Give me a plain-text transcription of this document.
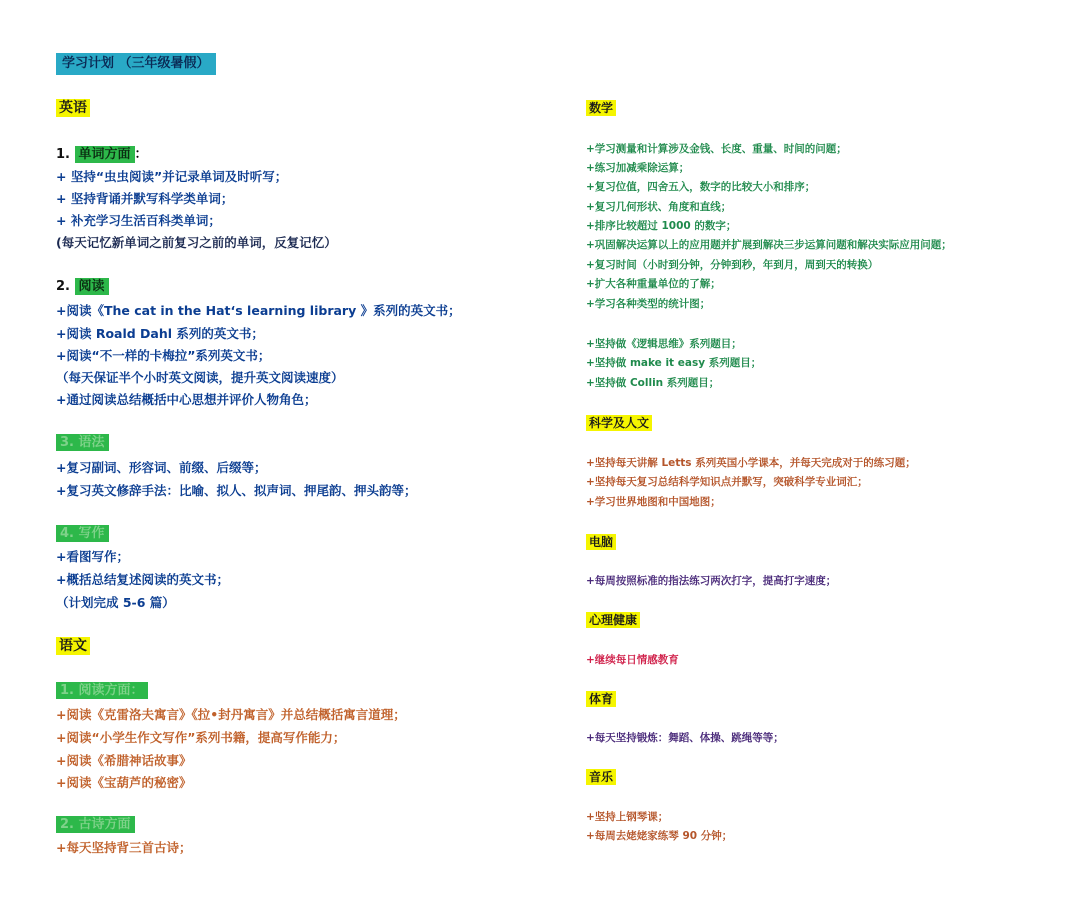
学习计划 （三年级暑假）
英语
1. 单词方面 ：
+ 坚持“虫虫阅读”并记录单词及时听写；
+ 坚持背诵并默写科学类单词；
+ 补充学习生活百科类单词；
(每天记忆新单词之前复习之前的单词，反复记忆）
2. 阅读
+阅读《The cat in the Hat‘s learning library 》系列的英文书；
+阅读 Roald Dahl 系列的英文书；
+阅读“不一样的卡梅拉”系列英文书；
（每天保证半个小时英文阅读，提升英文阅读速度）
+通过阅读总结概括中心思想并评价人物角色；
3. 语法
+复习副词、形容词、前缀、后缀等；
+复习英文修辞手法：比喻、拟人、拟声词、押尾韵、押头韵等；
4. 写作
+看图写作；
+概括总结复述阅读的英文书；
（计划完成 5-6 篇）
语文
1. 阅读方面：
+阅读《克雷洛夫寓言》《拉•封丹寓言》并总结概括寓言道理；
+阅读“小学生作文写作”系列书籍，提高写作能力；
+阅读《希腊神话故事》
+阅读《宝葫芦的秘密》
2. 古诗方面
+每天坚持背三首古诗；
数学
+学习测量和计算涉及金钱、长度、重量、时间的问题；
+练习加减乘除运算；
+复习位值，四舍五入，数字的比较大小和排序；
+复习几何形状、角度和直线；
+排序比较超过 1000 的数字；
+巩固解决运算以上的应用题并扩展到解决三步运算问题和解决实际应用问题；
+复习时间（小时到分钟，分钟到秒，年到月，周到天的转换）
+扩大各种重量单位的了解；
+学习各种类型的统计图；
+坚持做《逻辑思维》系列题目；
+坚持做 make it easy 系列题目；
+坚持做 Collin 系列题目；
科学及人文
+坚持每天讲解 Letts 系列英国小学课本，并每天完成对于的练习题；
+坚持每天复习总结科学知识点并默写，突破科学专业词汇；
+学习世界地图和中国地图；
电脑
+每周按照标准的指法练习两次打字，提高打字速度；
心理健康
+继续每日情感教育
体育
+每天坚持锻炼：舞蹈、体操、跳绳等等；
音乐
+坚持上钢琴课；
+每周去姥姥家练琴 90 分钟；
